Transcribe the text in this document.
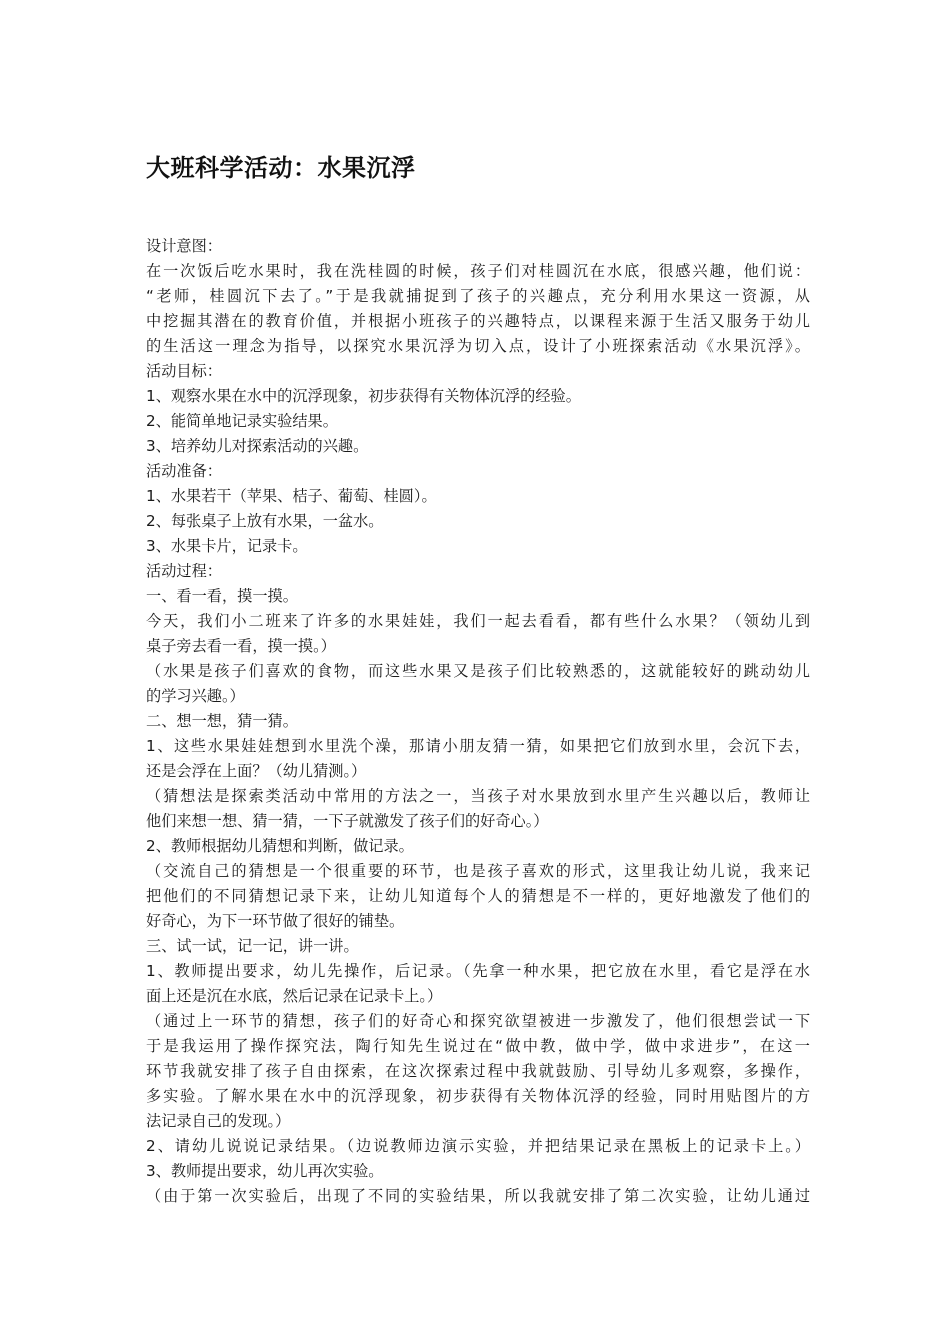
大班科学活动：水果沉浮

设计意图：

在一次饭后吃水果时，我在洗桂圆的时候，孩子们对桂圆沉在水底，很感兴趣，他们说：

“老师，桂圆沉下去了。”于是我就捕捉到了孩子的兴趣点，充分利用水果这一资源，从

中挖掘其潜在的教育价值，并根据小班孩子的兴趣特点，以课程来源于生活又服务于幼儿

的生活这一理念为指导，以探究水果沉浮为切入点，设计了小班探索活动《水果沉浮》。

活动目标：

1、观察水果在水中的沉浮现象，初步获得有关物体沉浮的经验。

2、能简单地记录实验结果。

3、培养幼儿对探索活动的兴趣。

活动准备：

1、水果若干（苹果、桔子、葡萄、桂圆）。

2、每张桌子上放有水果，一盆水。

3、水果卡片，记录卡。

活动过程：

一、看一看，摸一摸。

今天，我们小二班来了许多的水果娃娃，我们一起去看看，都有些什么水果？（领幼儿到

桌子旁去看一看，摸一摸。）

（水果是孩子们喜欢的食物，而这些水果又是孩子们比较熟悉的，这就能较好的跳动幼儿

的学习兴趣。）

二、想一想，猜一猜。

1、这些水果娃娃想到水里洗个澡，那请小朋友猜一猜，如果把它们放到水里，会沉下去，

还是会浮在上面？（幼儿猜测。）

（猜想法是探索类活动中常用的方法之一，当孩子对水果放到水里产生兴趣以后，教师让

他们来想一想、猜一猜，一下子就激发了孩子们的好奇心。）

2、教师根据幼儿猜想和判断，做记录。

（交流自己的猜想是一个很重要的环节，也是孩子喜欢的形式，这里我让幼儿说，我来记

把他们的不同猜想记录下来，让幼儿知道每个人的猜想是不一样的，更好地激发了他们的

好奇心，为下一环节做了很好的铺垫。

三、试一试，记一记，讲一讲。

1、教师提出要求，幼儿先操作，后记录。（先拿一种水果，把它放在水里，看它是浮在水

面上还是沉在水底，然后记录在记录卡上。）

（通过上一环节的猜想，孩子们的好奇心和探究欲望被进一步激发了，他们很想尝试一下

于是我运用了操作探究法，陶行知先生说过在“做中教，做中学，做中求进步”，在这一

环节我就安排了孩子自由探索，在这次探索过程中我就鼓励、引导幼儿多观察，多操作，

多实验。了解水果在水中的沉浮现象，初步获得有关物体沉浮的经验，同时用贴图片的方

法记录自己的发现。）

2、请幼儿说说记录结果。（边说教师边演示实验，并把结果记录在黑板上的记录卡上。）

3、教师提出要求，幼儿再次实验。

（由于第一次实验后，出现了不同的实验结果，所以我就安排了第二次实验，让幼儿通过
